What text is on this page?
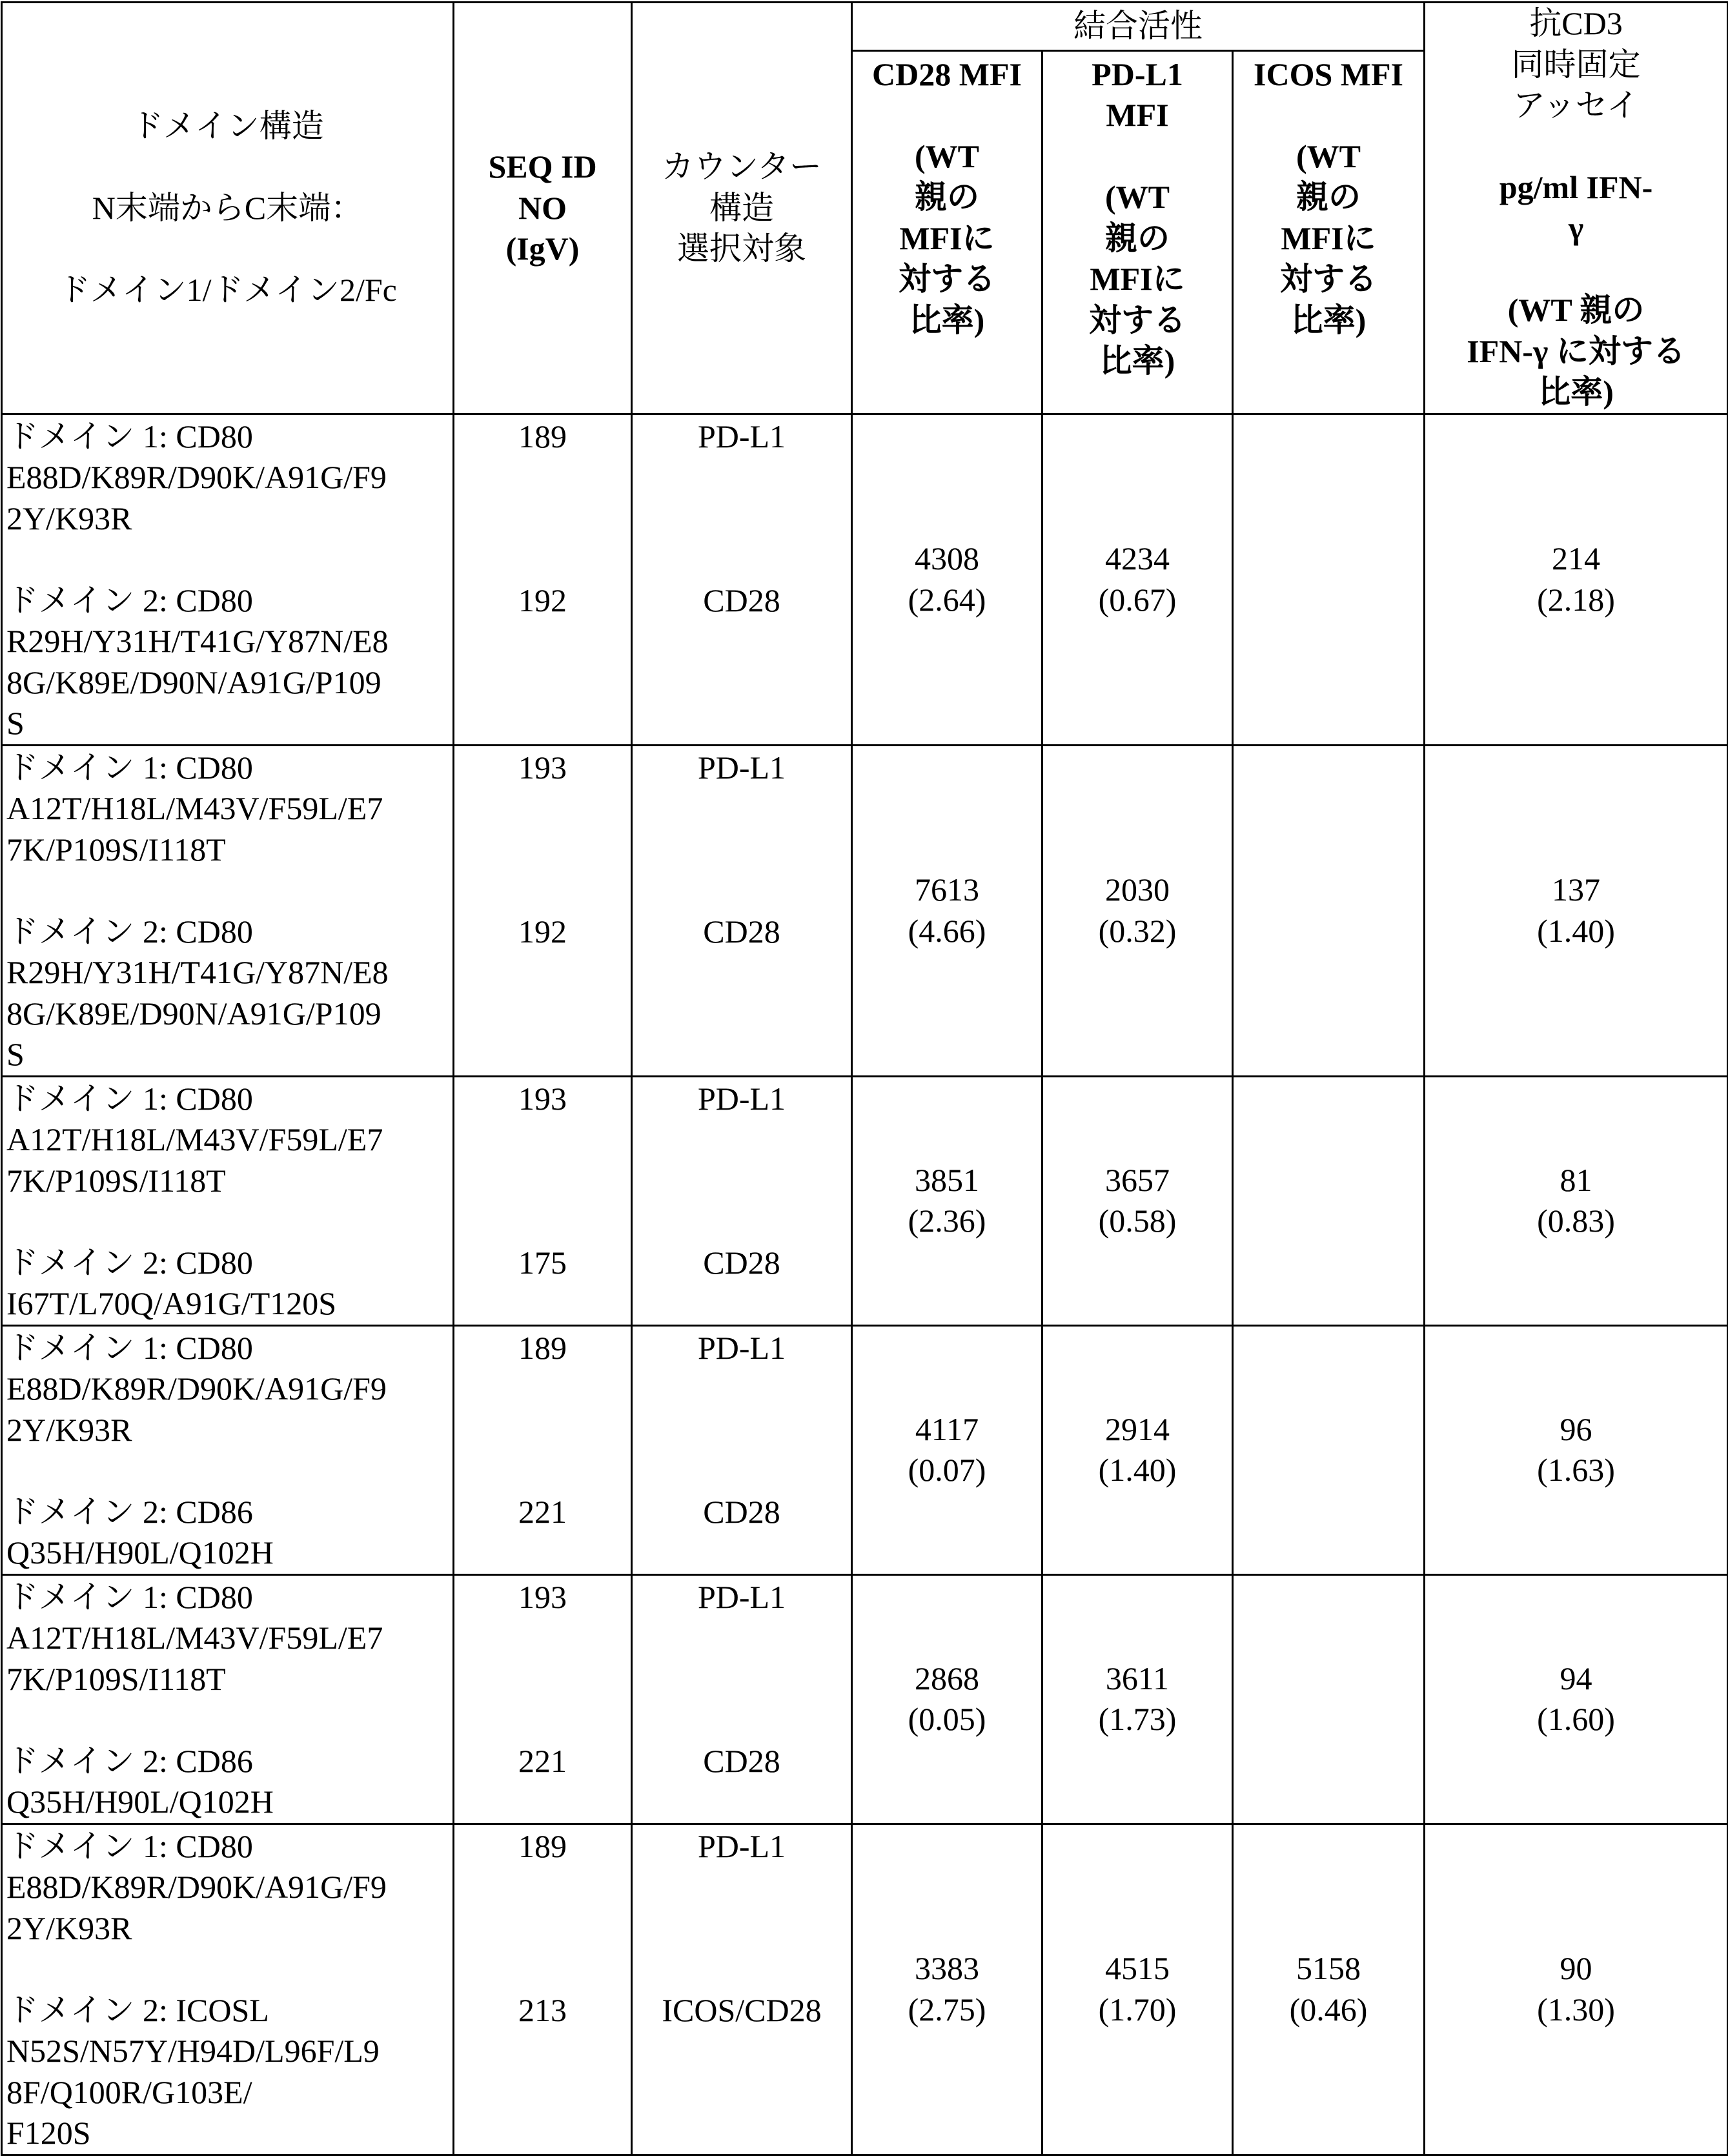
ドメイン構造

N末端からC末端：

ドメイン1/ドメイン2/Fc	SEQ ID
NO
(IgV)	カウンター
構造
選択対象	結合活性	抗CD3
同時固定
アッセイ
pg/ml IFN-
γ

(WT 親の
IFN-γ に対する
比率)

CD28 MFI

(WT
親の
MFIに
対する
比率)	PD-L1
MFI

(WT
親の
MFIに
対する
比率)	ICOS MFI

(WT
親の
MFIに
対する
比率)

ドメイン 1: CD80
E88D/K89R/D90K/A91G/F9
2Y/K93R
ドメイン 2: CD80
R29H/Y31H/T41G/Y87N/E8
8G/K89E/D90N/A91G/P109
S

189
192

PD-L1
CD28
	4308
(2.64)	4234
(0.67)		214
(2.18)

ドメイン 1: CD80
A12T/H18L/M43V/F59L/E7
7K/P109S/I118T
ドメイン 2: CD80
R29H/Y31H/T41G/Y87N/E8
8G/K89E/D90N/A91G/P109
S

193
192

PD-L1
CD28
	7613
(4.66)	2030
(0.32)		137
(1.40)

ドメイン 1: CD80
A12T/H18L/M43V/F59L/E7
7K/P109S/I118T
ドメイン 2: CD80
I67T/L70Q/A91G/T120S

193
175

PD-L1
CD28
	3851
(2.36)	3657
(0.58)		81
(0.83)

ドメイン 1: CD80
E88D/K89R/D90K/A91G/F9
2Y/K93R
ドメイン 2: CD86
Q35H/H90L/Q102H

189
221

PD-L1
CD28
	4117
(0.07)	2914
(1.40)		96
(1.63)

ドメイン 1: CD80
A12T/H18L/M43V/F59L/E7
7K/P109S/I118T
ドメイン 2: CD86
Q35H/H90L/Q102H

193
221

PD-L1
CD28
	2868
(0.05)	3611
(1.73)		94
(1.60)

ドメイン 1: CD80
E88D/K89R/D90K/A91G/F9
2Y/K93R
ドメイン 2: ICOSL
N52S/N57Y/H94D/L96F/L9
8F/Q100R/G103E/
F120S

189
213

PD-L1
ICOS/CD28
	3383
(2.75)	4515
(1.70)	5158
(0.46)	90
(1.30)
